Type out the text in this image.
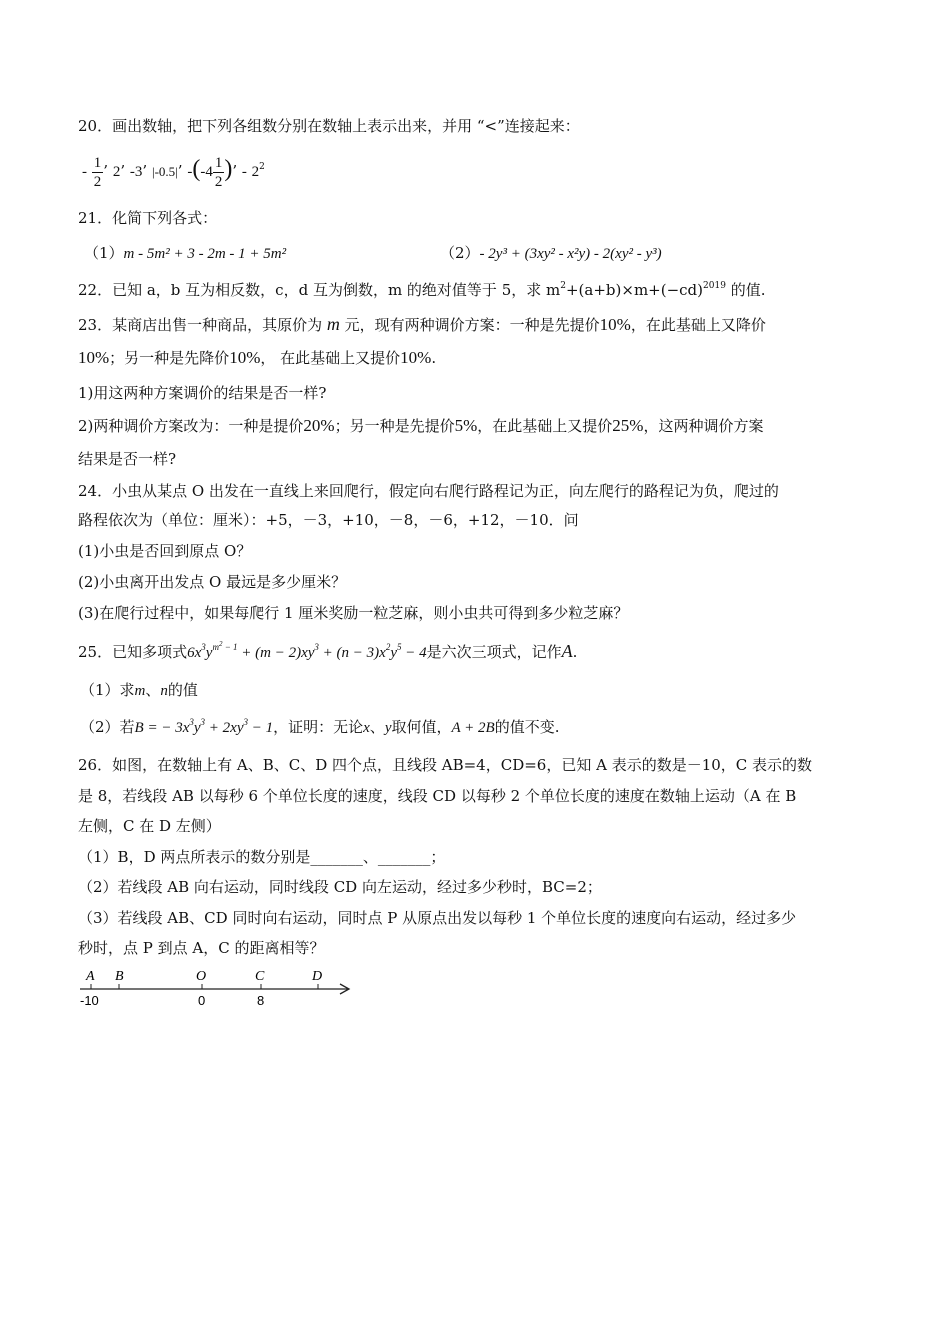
20．画出数轴，把下列各组数分别在数轴上表示出来，并用 “<”连接起来：
- $\frac{1}{2}$ ’ 2’ -3’ |-0.5|’ $-(-4 \frac{1}{2}$ )’ - $2^2$
21．化简下列各式：
（1）m - 5m² + 3 - 2m - 1 + 5m²	（2）- 2y³ + (3xy² - x²y) - 2(xy² - y³)
22．已知 a，b 互为相反数，c，d 互为倒数，m 的绝对值等于 5，求 $m^2+(a+b)\times m+(-cd)^{2019}$ 的值.
23．某商店出售一种商品，其原价为 m 元，现有两种调价方案：一种是先提价10%，在此基础上又降价
10%；另一种是先降价10%， 在此基础上又提价10%.
1)用这两种方案调价的结果是否一样?
2)两种调价方案改为：一种是提价20%；另一种是先提价5%，在此基础上又提价25%，这两种调价方案
结果是否一样?
24．小虫从某点 O 出发在一直线上来回爬行，假定向右爬行路程记为正，向左爬行的路程记为负，爬过的
路程依次为（单位：厘米）：+5，－3，+10，－8，－6，+12，－10．问
(1)小虫是否回到原点 O？
(2)小虫离开出发点 O 最远是多少厘米？
(3)在爬行过程中，如果每爬行 1 厘米奖励一粒芝麻，则小虫共可得到多少粒芝麻？
25．已知多项式$6x^3y^{m^2 - 1} + (m - 2)xy^3 + (n - 3)x^2y^5 - 4$是六次三项式，记作A.
（1）求m、n的值
（2）若B = − $3x^3y^3 + 2xy^3 - 1$，证明：无论x、y取何值，A + 2B的值不变.
26．如图，在数轴上有 A、B、C、D 四个点，且线段 AB=4，CD=6，已知 A 表示的数是－10，C 表示的数
是 8，若线段 AB 以每秒 6 个单位长度的速度，线段 CD 以每秒 2 个单位长度的速度在数轴上运动（A 在 B
左侧，C 在 D 左侧）
（1）B，D 两点所表示的数分别是_______、_______；
（2）若线段 AB 向右运动，同时线段 CD 向左运动，经过多少秒时，BC=2；
（3）若线段 AB、CD 同时向右运动，同时点 P 从原点出发以每秒 1 个单位长度的速度向右运动，经过多少
秒时，点 P 到点 A，C 的距离相等？
A B	O	C	D
-10	0	8
